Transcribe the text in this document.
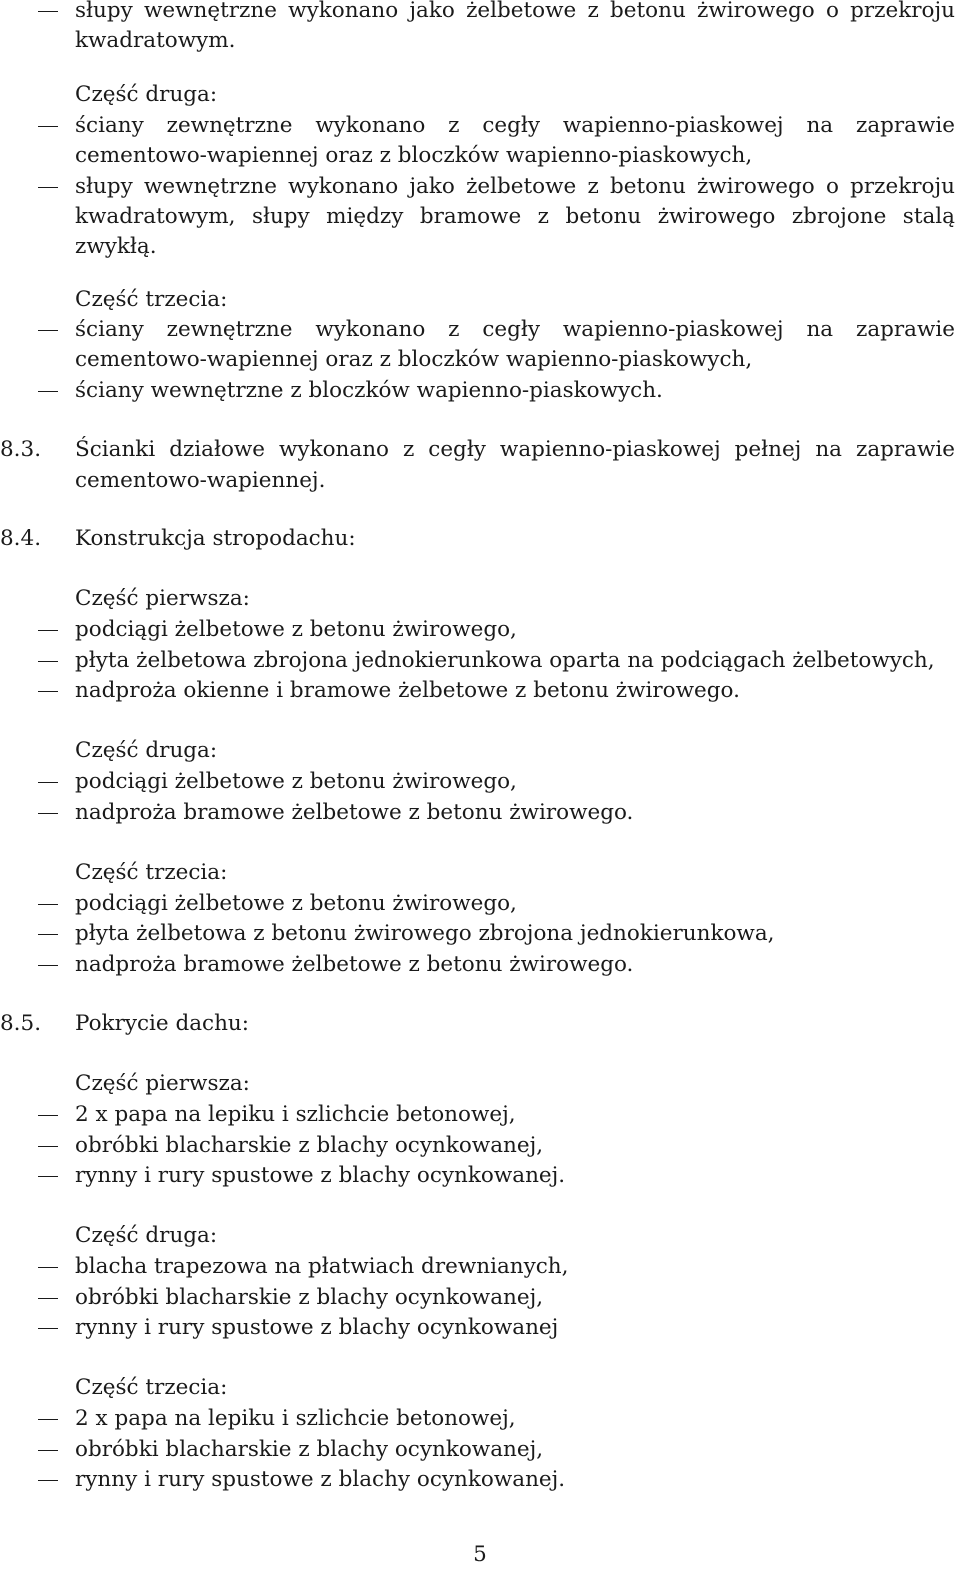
słupy wewnętrzne wykonano jako żelbetowe z betonu żwirowego o przekroju
kwadratowym.
Część druga:
ściany zewnętrzne wykonano z cegły wapienno-piaskowej na zaprawie
cementowo-wapiennej oraz z bloczków wapienno-piaskowych,
słupy wewnętrzne wykonano jako żelbetowe z betonu żwirowego o przekroju
kwadratowym, słupy między bramowe z betonu żwirowego zbrojone stalą
zwykłą.
Część trzecia:
ściany zewnętrzne wykonano z cegły wapienno-piaskowej na zaprawie
cementowo-wapiennej oraz z bloczków wapienno-piaskowych,
ściany wewnętrzne z bloczków wapienno-piaskowych.
8.3.	Ścianki działowe wykonano z cegły wapienno-piaskowej pełnej na zaprawie
cementowo-wapiennej.
8.4.	Konstrukcja stropodachu:
Część pierwsza:
podciągi żelbetowe z betonu żwirowego,
płyta żelbetowa zbrojona jednokierunkowa oparta na podciągach żelbetowych,
nadproża okienne i bramowe żelbetowe z betonu żwirowego.
Część druga:
podciągi żelbetowe z betonu żwirowego,
nadproża bramowe żelbetowe z betonu żwirowego.
Część trzecia:
podciągi żelbetowe z betonu żwirowego,
płyta żelbetowa z betonu żwirowego zbrojona jednokierunkowa,
nadproża bramowe żelbetowe z betonu żwirowego.
8.5.	Pokrycie dachu:
Część pierwsza:
2 x papa na lepiku i szlichcie betonowej,
obróbki blacharskie z blachy ocynkowanej,
rynny i rury spustowe z blachy ocynkowanej.
Część druga:
blacha trapezowa na płatwiach drewnianych,
obróbki blacharskie z blachy ocynkowanej,
rynny i rury spustowe z blachy ocynkowanej
Część trzecia:
2 x papa na lepiku i szlichcie betonowej,
obróbki blacharskie z blachy ocynkowanej,
rynny i rury spustowe z blachy ocynkowanej.
5
